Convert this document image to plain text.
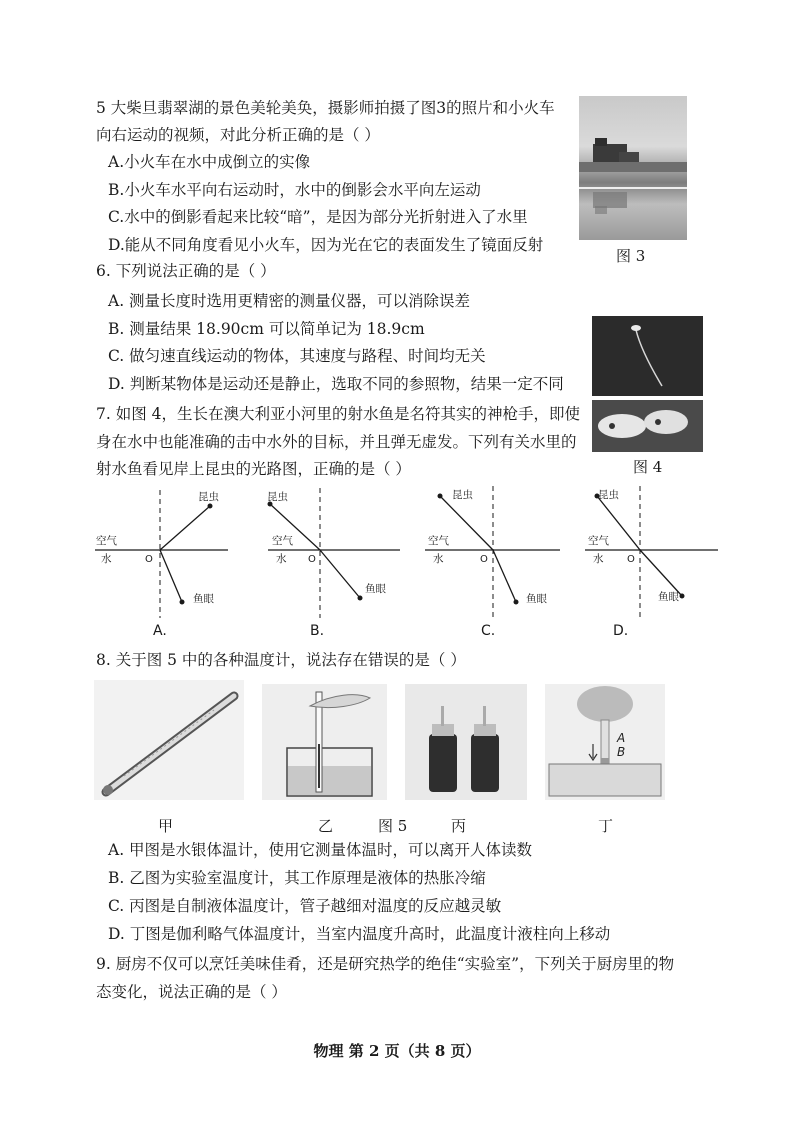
5 大柴旦翡翠湖的景色美轮美奂，摄影师拍摄了图3的照片和小火车
向右运动的视频，对此分析正确的是（ ）
A.小火车在水中成倒立的实像
B.小火车水平向右运动时，水中的倒影会水平向左运动
C.水中的倒影看起来比较“暗”，是因为部分光折射进入了水里
D.能从不同角度看见小火车，因为光在它的表面发生了镜面反射
图 3
6. 下列说法正确的是（ ）
A. 测量长度时选用更精密的测量仪器，可以消除误差
B. 测量结果 18.90cm 可以简单记为 18.9cm
C. 做匀速直线运动的物体，其速度与路程、时间均无关
D. 判断某物体是运动还是静止，选取不同的参照物，结果一定不同
图 4
7. 如图 4，生长在澳大利亚小河里的射水鱼是名符其实的神枪手，即使
身在水中也能准确的击中水外的目标，并且弹无虚发。下列有关水里的
射水鱼看见岸上昆虫的光路图，正确的是（ ）
昆虫
空气
水	O
鱼眼
昆虫
空气
水 O
鱼眼
昆虫
空气
水	O
鱼眼
昆虫
空气
水 O
鱼眼
A.	B.	C.	D.
8. 关于图 5 中的各种温度计，说法存在错误的是（ ）
A
B
甲	乙	图 5	丙	丁
A. 甲图是水银体温计，使用它测量体温时，可以离开人体读数
B. 乙图为实验室温度计，其工作原理是液体的热胀冷缩
C. 丙图是自制液体温度计，管子越细对温度的反应越灵敏
D. 丁图是伽利略气体温度计，当室内温度升高时，此温度计液柱向上移动
9. 厨房不仅可以烹饪美味佳肴，还是研究热学的绝佳“实验室”，下列关于厨房里的物
态变化，说法正确的是（ ）
物理 第 2 页（共 8 页）
